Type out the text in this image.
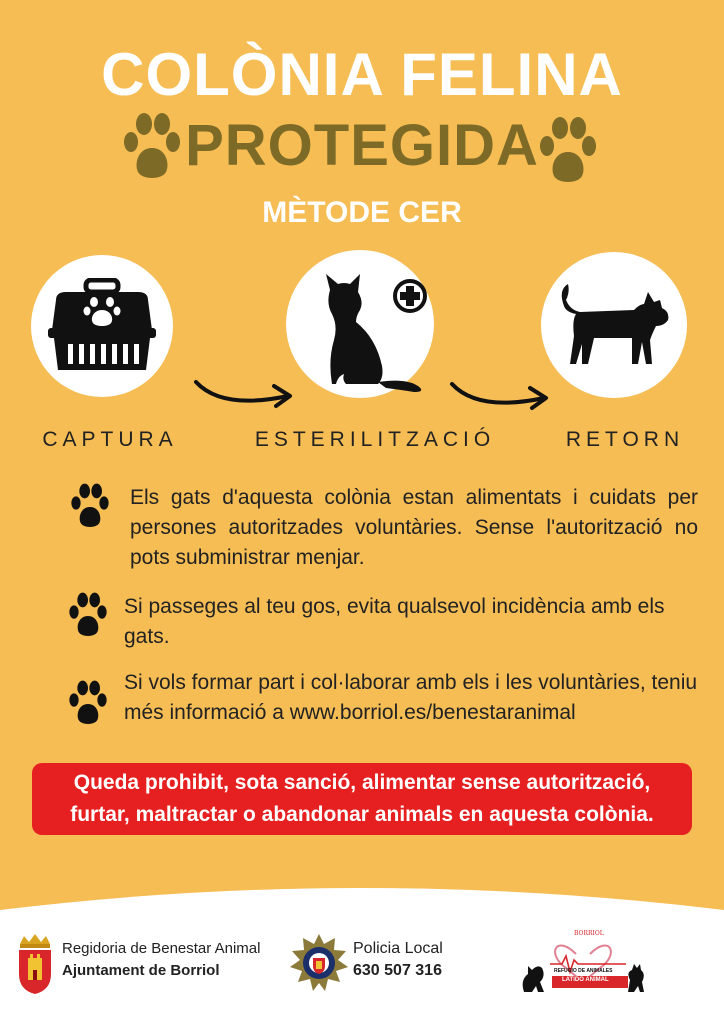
COLÒNIA FELINA
PROTEGIDA
MÈTODE CER
CAPTURA	ESTERILITZACIÓ	RETORN

Els gats d'aquesta colònia estan alimentats i cuidats per persones autoritzades voluntàries. Sense l'autorització no pots subministrar menjar.

Si passeges al teu gos, evita qualsevol incidència amb els gats.

Si vols formar part i col·laborar amb els i les voluntàries, teniu més informació a www.borriol.es/benestaranimal

Queda prohibit, sota sanció, alimentar sense autorització,
furtar, maltractar o abandonar animals en aquesta colònia.
Regidoria de Benestar Animal
Ajuntament de Borriol
Policia Local
630 507 316
BORRIOL
REFUGIO DE ANIMALES
LATIDO ANIMAL
